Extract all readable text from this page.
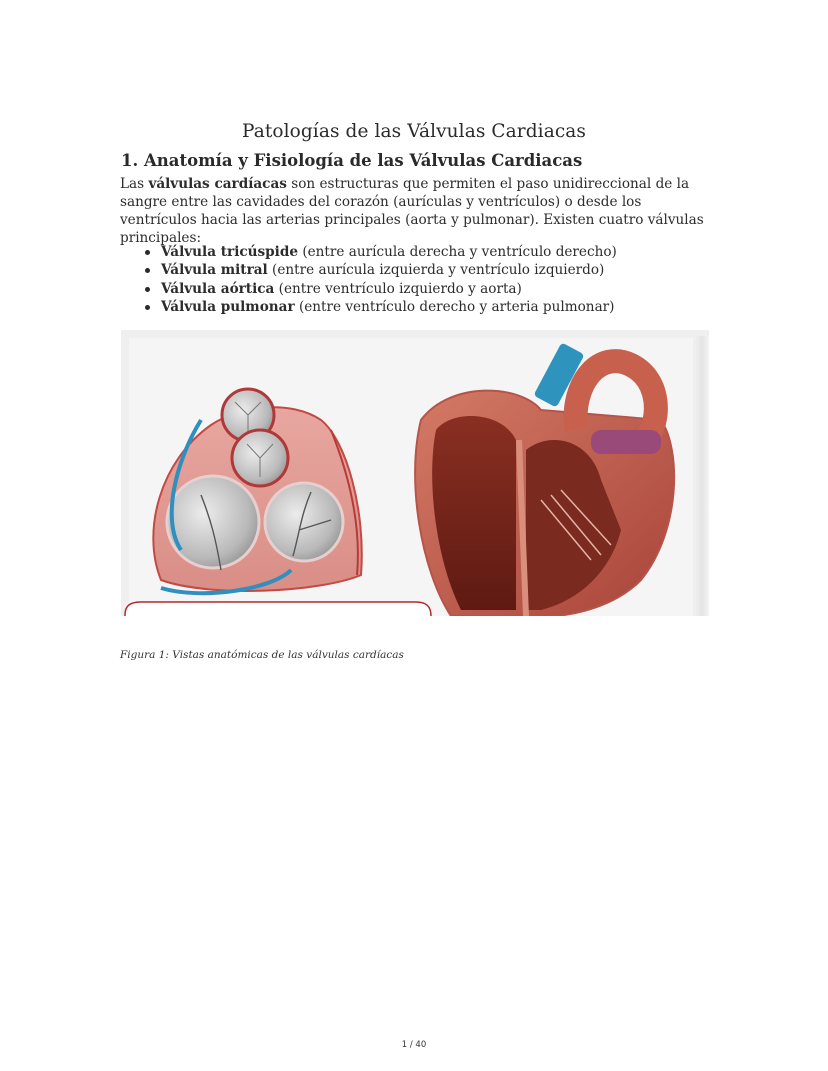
Patologías de las Válvulas Cardiacas
1. Anatomía y Fisiología de las Válvulas Cardiacas

Las válvulas cardíacas son estructuras que permiten el paso unidireccional de la sangre entre las cavidades del corazón (aurículas y ventrículos) o desde los ventrículos hacia las arterias principales (aorta y pulmonar). Existen cuatro válvulas principales:

Válvula tricúspide (entre aurícula derecha y ventrículo derecho)
Válvula mitral (entre aurícula izquierda y ventrículo izquierdo)
Válvula aórtica (entre ventrículo izquierdo y aorta)
Válvula pulmonar (entre ventrículo derecho y arteria pulmonar)
Figura 1: Vistas anatómicas de las válvulas cardíacas
1 / 40
